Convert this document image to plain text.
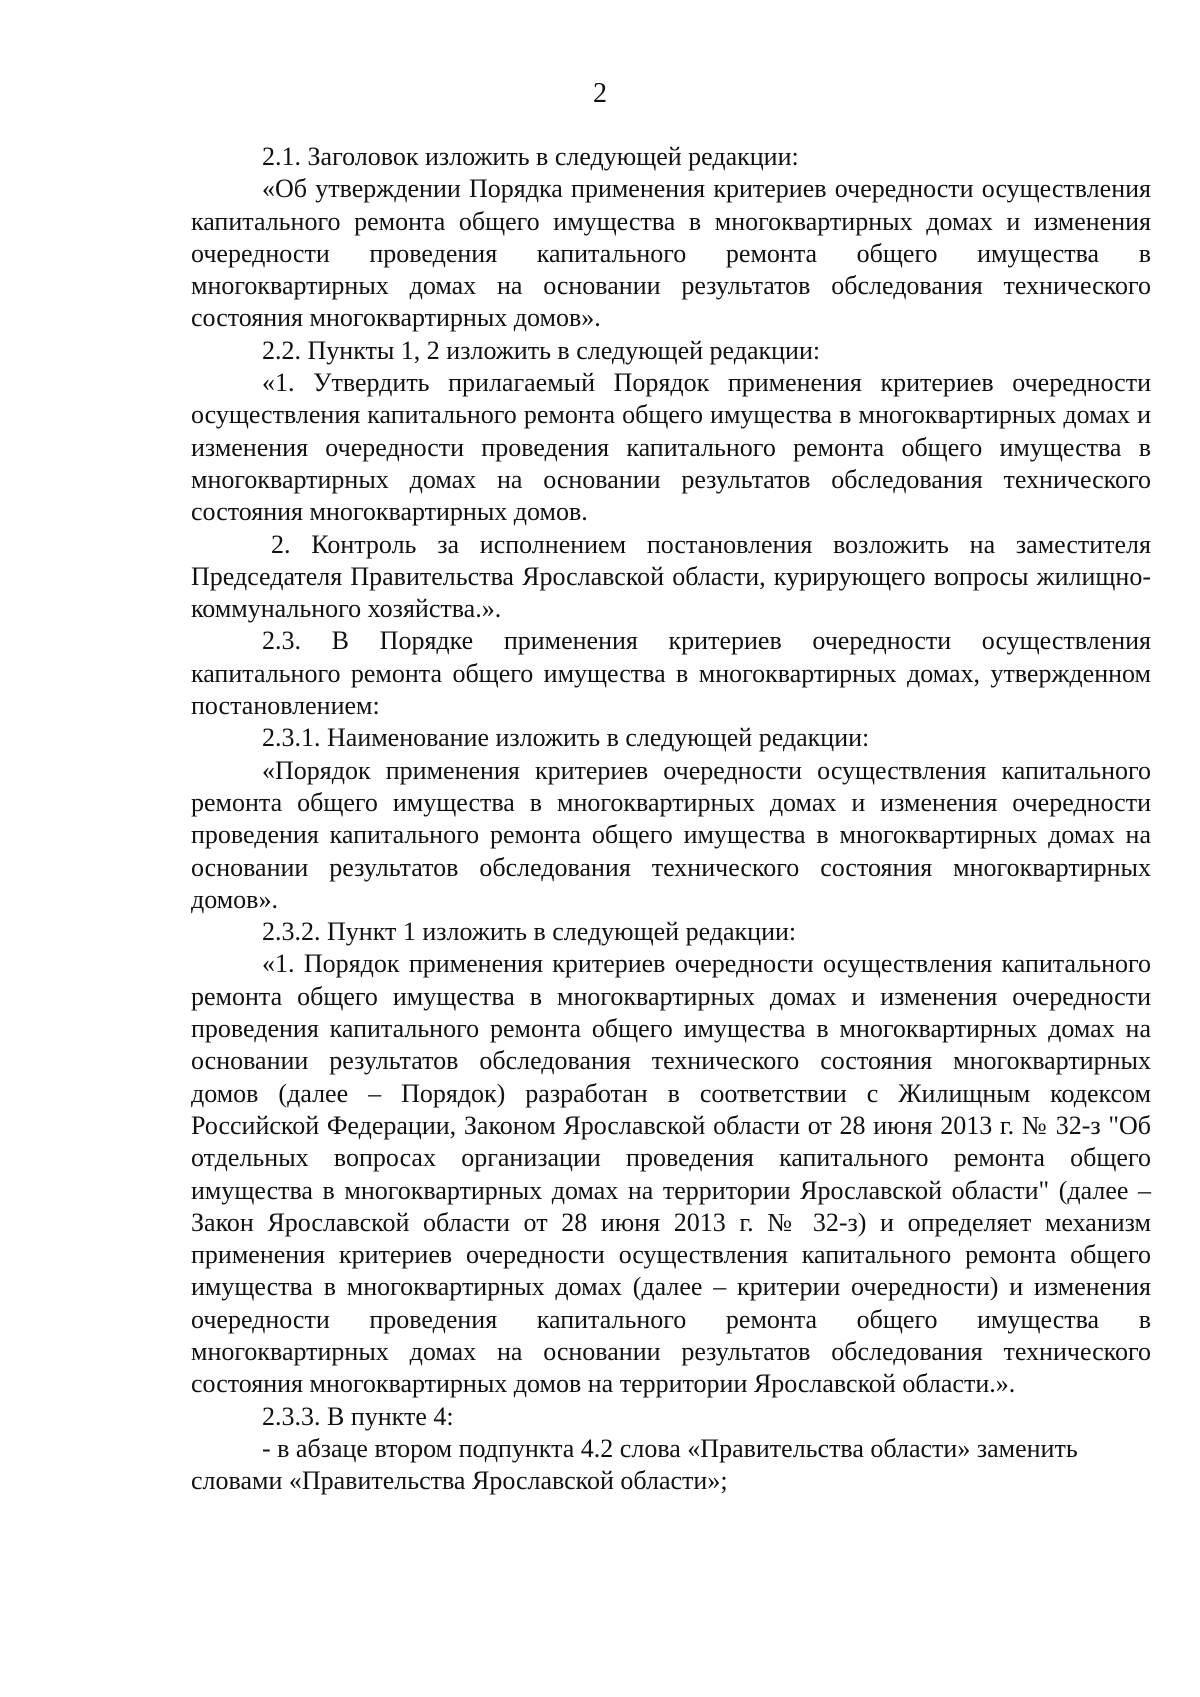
2

2.1. Заголовок изложить в следующей редакции:

«Об утверждении Порядка применения критериев очередности осуществления капитального ремонта общего имущества в многоквартирных домах и изменения очередности проведения капитального ремонта общего имущества в многоквартирных домах на основании результатов обследования технического состояния многоквартирных домов».

2.2. Пункты 1, 2 изложить в следующей редакции:

«1. Утвердить прилагаемый Порядок применения критериев очередности осуществления капитального ремонта общего имущества в многоквартирных домах и изменения очередности проведения капитального ремонта общего имущества в многоквартирных домах на основании результатов обследования технического состояния многоквартирных домов.

2. Контроль за исполнением постановления возложить на заместителя Председателя Правительства Ярославской области, курирующего вопросы жилищно-коммунального хозяйства.».

2.3. В Порядке применения критериев очередности осуществления капитального ремонта общего имущества в многоквартирных домах, утвержденном постановлением:

2.3.1. Наименование изложить в следующей редакции:

«Порядок применения критериев очередности осуществления капитального ремонта общего имущества в многоквартирных домах и изменения очередности проведения капитального ремонта общего имущества в многоквартирных домах на основании результатов обследования технического состояния многоквартирных домов».

2.3.2. Пункт 1 изложить в следующей редакции:

«1. Порядок применения критериев очередности осуществления капитального ремонта общего имущества в многоквартирных домах и изменения очередности проведения капитального ремонта общего имущества в многоквартирных домах на основании результатов обследования технического состояния многоквартирных домов (далее – Порядок) разработан в соответствии с Жилищным кодексом Российской Федерации, Законом Ярославской области от 28 июня 2013 г. № 32-з "Об отдельных вопросах организации проведения капитального ремонта общего имущества в многоквартирных домах на территории Ярославской области" (далее – Закон Ярославской области от 28 июня 2013 г. № 32-з) и определяет механизм применения критериев очередности осуществления капитального ремонта общего имущества в многоквартирных домах (далее – критерии очередности) и изменения очередности проведения капитального ремонта общего имущества в многоквартирных домах на основании результатов обследования технического состояния многоквартирных домов на территории Ярославской области.».

2.3.3. В пункте 4:

- в абзаце втором подпункта 4.2 слова «Правительства области» заменить словами «Правительства Ярославской области»;
